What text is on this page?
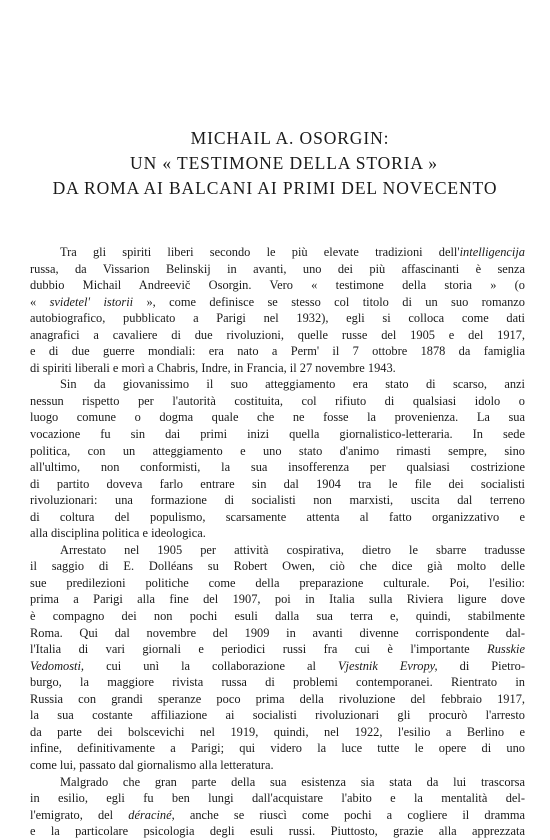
MICHAIL A. OSORGIN:
UN « TESTIMONE DELLA STORIA »
DA ROMA AI BALCANI AI PRIMI DEL NOVECENTO
Tra gli spiriti liberi secondo le più elevate tradizioni dell'intelligencija
russa, da Vissarion Belinskij in avanti, uno dei più affascinanti è senza
dubbio Michail Andreevič Osorgin. Vero « testimone della storia » (o
« svidetel' istorii », come definisce se stesso col titolo di un suo romanzo
autobiografico, pubblicato a Parigi nel 1932), egli si colloca come dati
anagrafici a cavaliere di due rivoluzioni, quelle russe del 1905 e del 1917,
e di due guerre mondiali: era nato a Perm' il 7 ottobre 1878 da famiglia
di spiriti liberali e morì a Chabris, Indre, in Francia, il 27 novembre 1943.
Sin da giovanissimo il suo atteggiamento era stato di scarso, anzi
nessun rispetto per l'autorità costituita, col rifiuto di qualsiasi idolo o
luogo comune o dogma quale che ne fosse la provenienza. La sua
vocazione fu sin dai primi inizi quella giornalistico-letteraria. In sede
politica, con un atteggiamento e uno stato d'animo rimasti sempre, sino
all'ultimo, non conformisti, la sua insofferenza per qualsiasi costrizione
di partito doveva farlo entrare sin dal 1904 tra le file dei socialisti
rivoluzionari: una formazione di socialisti non marxisti, uscita dal terreno
di coltura del populismo, scarsamente attenta al fatto organizzativo e
alla disciplina politica e ideologica.
Arrestato nel 1905 per attività cospirativa, dietro le sbarre tradusse
il saggio di E. Dolléans su Robert Owen, ciò che dice già molto delle
sue predilezioni politiche come della preparazione culturale. Poi, l'esilio:
prima a Parigi alla fine del 1907, poi in Italia sulla Riviera ligure dove
è compagno dei non pochi esuli dalla sua terra e, quindi, stabilmente
Roma. Qui dal novembre del 1909 in avanti divenne corrispondente dal-
l'Italia di vari giornali e periodici russi fra cui è l'importante Russkie
Vedomosti, cui unì la collaborazione al Vjestnik Evropy, di Pietro-
burgo, la maggiore rivista russa di problemi contemporanei. Rientrato in
Russia con grandi speranze poco prima della rivoluzione del febbraio 1917,
la sua costante affiliazione ai socialisti rivoluzionari gli procurò l'arresto
da parte dei bolscevichi nel 1919, quindi, nel 1922, l'esilio a Berlino e
infine, definitivamente a Parigi; qui videro la luce tutte le opere di uno
come lui, passato dal giornalismo alla letteratura.
Malgrado che gran parte della sua esistenza sia stata da lui trascorsa
in esilio, egli fu ben lungi dall'acquistare l'abito e la mentalità del-
l'emigrato, del déraciné, anche se riuscì come pochi a cogliere il dramma
e la particolare psicologia degli esuli russi. Piuttosto, grazie alla apprezzata
